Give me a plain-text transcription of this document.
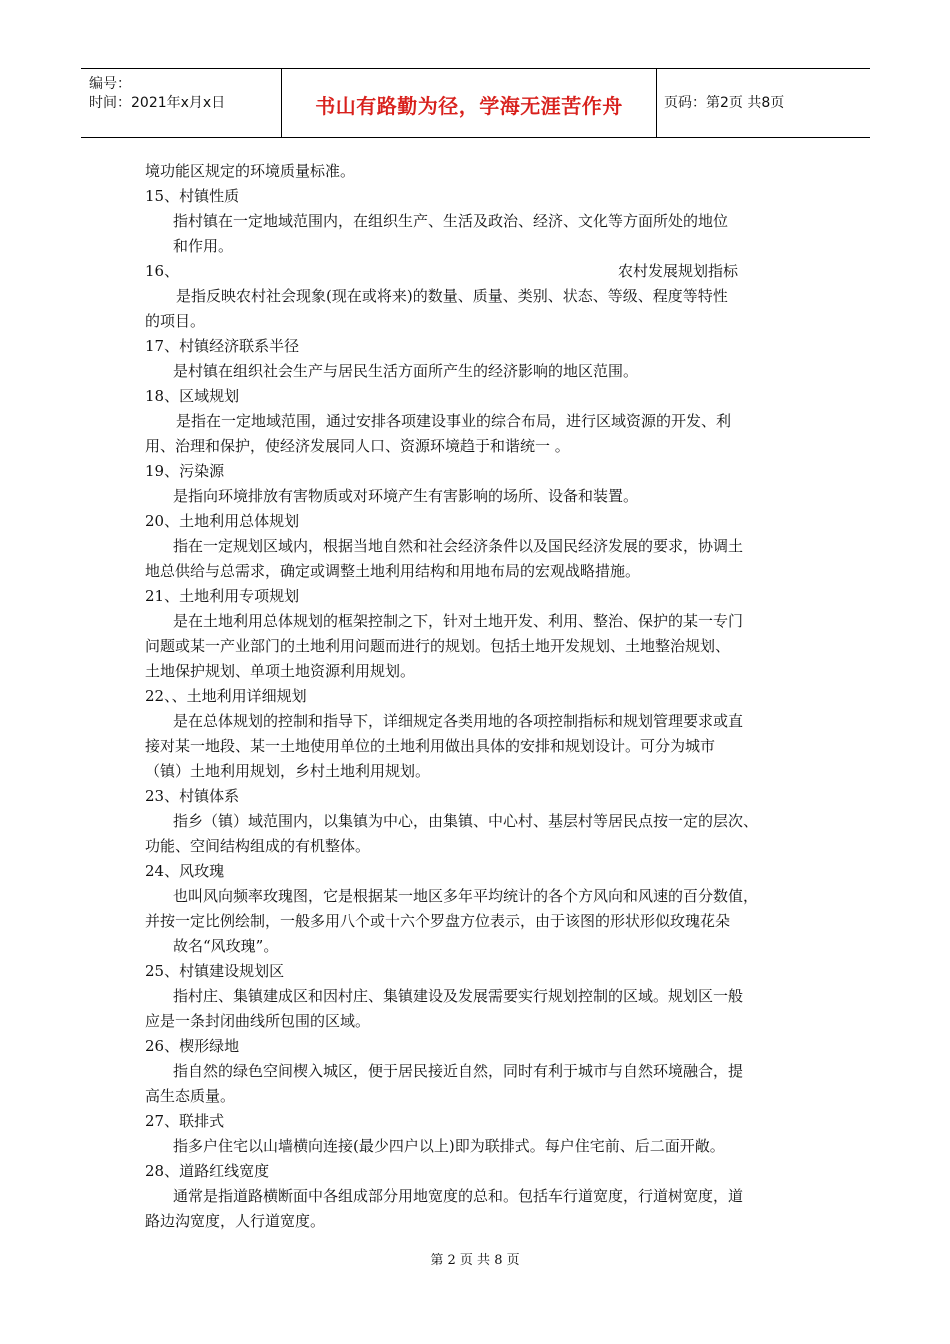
编号：
时间：2021年x月x日	书山有路勤为径，学海无涯苦作舟	页码：第2页 共8页
境功能区规定的环境质量标准。
15、村镇性质
指村镇在一定地域范围内，在组织生产、生活及政治、经济、文化等方面所处的地位
和作用。
16、	农村发展规划指标
是指反映农村社会现象(现在或将来)的数量、质量、类别、状态、等级、程度等特性
的项目。
17、村镇经济联系半径
是村镇在组织社会生产与居民生活方面所产生的经济影响的地区范围。
18、区域规划
是指在一定地域范围，通过安排各项建设事业的综合布局，进行区域资源的开发、利
用、治理和保护，使经济发展同人口、资源环境趋于和谐统一 。
19、污染源
是指向环境排放有害物质或对环境产生有害影响的场所、设备和装置。
20、土地利用总体规划
指在一定规划区域内，根据当地自然和社会经济条件以及国民经济发展的要求，协调土
地总供给与总需求，确定或调整土地利用结构和用地布局的宏观战略措施。
21、土地利用专项规划
是在土地利用总体规划的框架控制之下，针对土地开发、利用、整治、保护的某一专门
问题或某一产业部门的土地利用问题而进行的规划。包括土地开发规划、土地整治规划、
土地保护规划、单项土地资源利用规划。
22、、土地利用详细规划
是在总体规划的控制和指导下，详细规定各类用地的各项控制指标和规划管理要求或直
接对某一地段、某一土地使用单位的土地利用做出具体的安排和规划设计。可分为城市
（镇）土地利用规划，乡村土地利用规划。
23、村镇体系
指乡（镇）域范围内，以集镇为中心，由集镇、中心村、基层村等居民点按一定的层次、
功能、空间结构组成的有机整体。
24、风玫瑰
也叫风向频率玫瑰图，它是根据某一地区多年平均统计的各个方风向和风速的百分数值，
并按一定比例绘制，一般多用八个或十六个罗盘方位表示，由于该图的形状形似玫瑰花朵
故名“风玫瑰”。
25、村镇建设规划区
指村庄、集镇建成区和因村庄、集镇建设及发展需要实行规划控制的区域。规划区一般
应是一条封闭曲线所包围的区域。
26、楔形绿地
指自然的绿色空间楔入城区，便于居民接近自然，同时有利于城市与自然环境融合，提
高生态质量。
27、联排式
指多户住宅以山墙横向连接(最少四户以上)即为联排式。每户住宅前、后二面开敞。
28、道路红线宽度
通常是指道路横断面中各组成部分用地宽度的总和。包括车行道宽度，行道树宽度，道
路边沟宽度，人行道宽度。
第 2 页 共 8 页
